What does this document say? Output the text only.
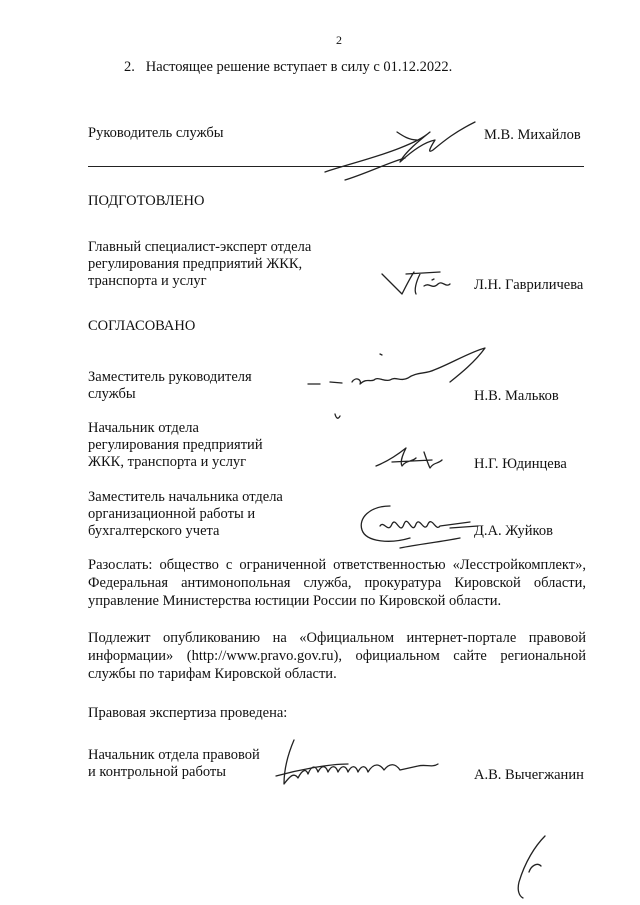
2
2. Настоящее решение вступает в силу с 01.12.2022.
Руководитель службы	М.В. Михайлов
ПОДГОТОВЛЕНО
Главный специалист-эксперт отдела
регулирования предприятий ЖКК,
транспорта и услуг	Л.Н. Гавриличева
СОГЛАСОВАНО
Заместитель руководителя
службы	Н.В. Мальков
Начальник отдела
регулирования предприятий
ЖКК, транспорта и услуг	Н.Г. Юдинцева
Заместитель начальника отдела
организационной работы и
бухгалтерского учета	Д.А. Жуйков
Разослать: общество с ограниченной ответственностью «Лесстройкомплект», Федеральная антимонопольная служба, прокуратура Кировской области, управление Министерства юстиции России по Кировской области.
Подлежит опубликованию на «Официальном интернет-портале правовой информации» (http://www.pravo.gov.ru), официальном сайте региональной службы по тарифам Кировской области.
Правовая экспертиза проведена:
Начальник отдела правовой
и контрольной работы	А.В. Вычегжанин
